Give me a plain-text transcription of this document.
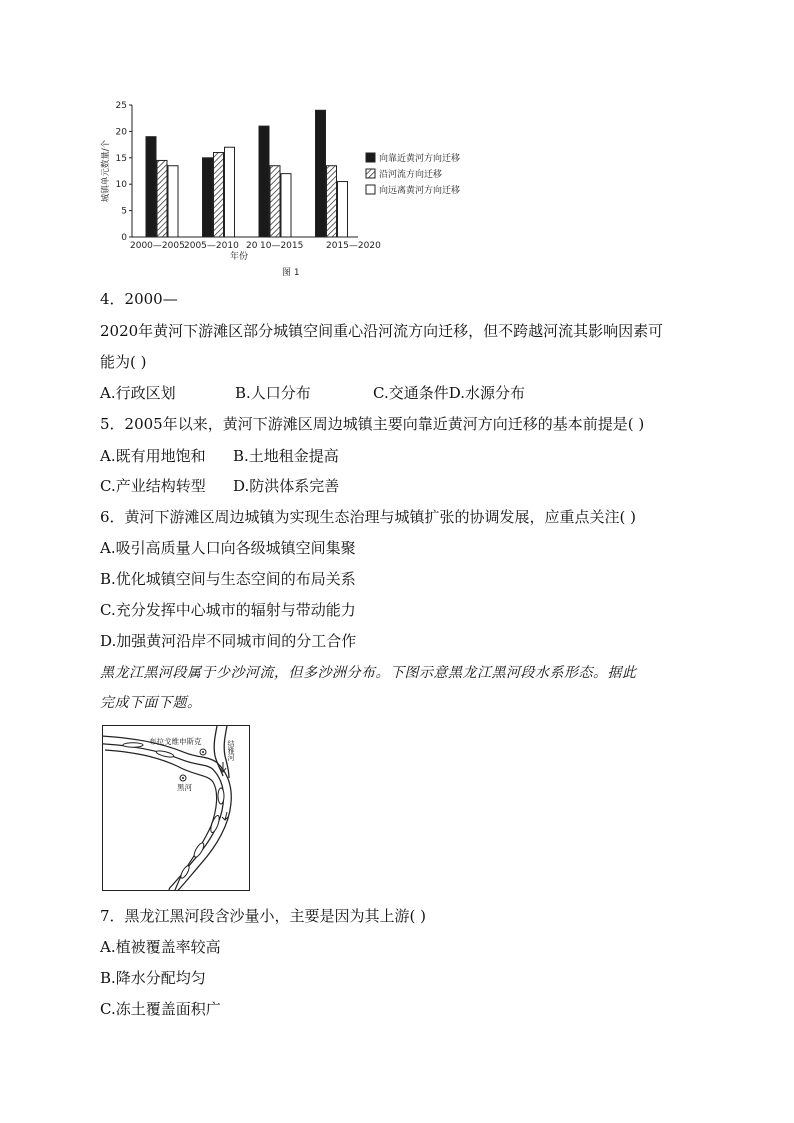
0
5
10
15
20
25
城镇单元数量/个
2000—2005 2005—2010 20 10—2015	2015—2020
年份
图 1
向靠近黄河方向迁移
沿河流方向迁移
向远离黄河方向迁移
4．2000—
2020年黄河下游滩区部分城镇空间重心沿河流方向迁移，但不跨越河流其影响因素可
能为( )
A.行政区划	B.人口分布	C.交通条件D.水源分布
5．2005年以来，黄河下游滩区周边城镇主要向靠近黄河方向迁移的基本前提是( )
A.既有用地饱和 B.土地租金提高
C.产业结构转型 D.防洪体系完善
6．黄河下游滩区周边城镇为实现生态治理与城镇扩张的协调发展，应重点关注( )
A.吸引高质量人口向各级城镇空间集聚
B.优化城镇空间与生态空间的布局关系
C.充分发挥中心城市的辐射与带动能力
D.加强黄河沿岸不同城市间的分工合作
黑龙江黑河段属于少沙河流，但多沙洲分布。下图示意黑龙江黑河段水系形态。据此
完成下面下题。
布拉戈维申斯克
黑河
结雅河
7．黑龙江黑河段含沙量小，主要是因为其上游( )
A.植被覆盖率较高
B.降水分配均匀
C.冻土覆盖面积广
